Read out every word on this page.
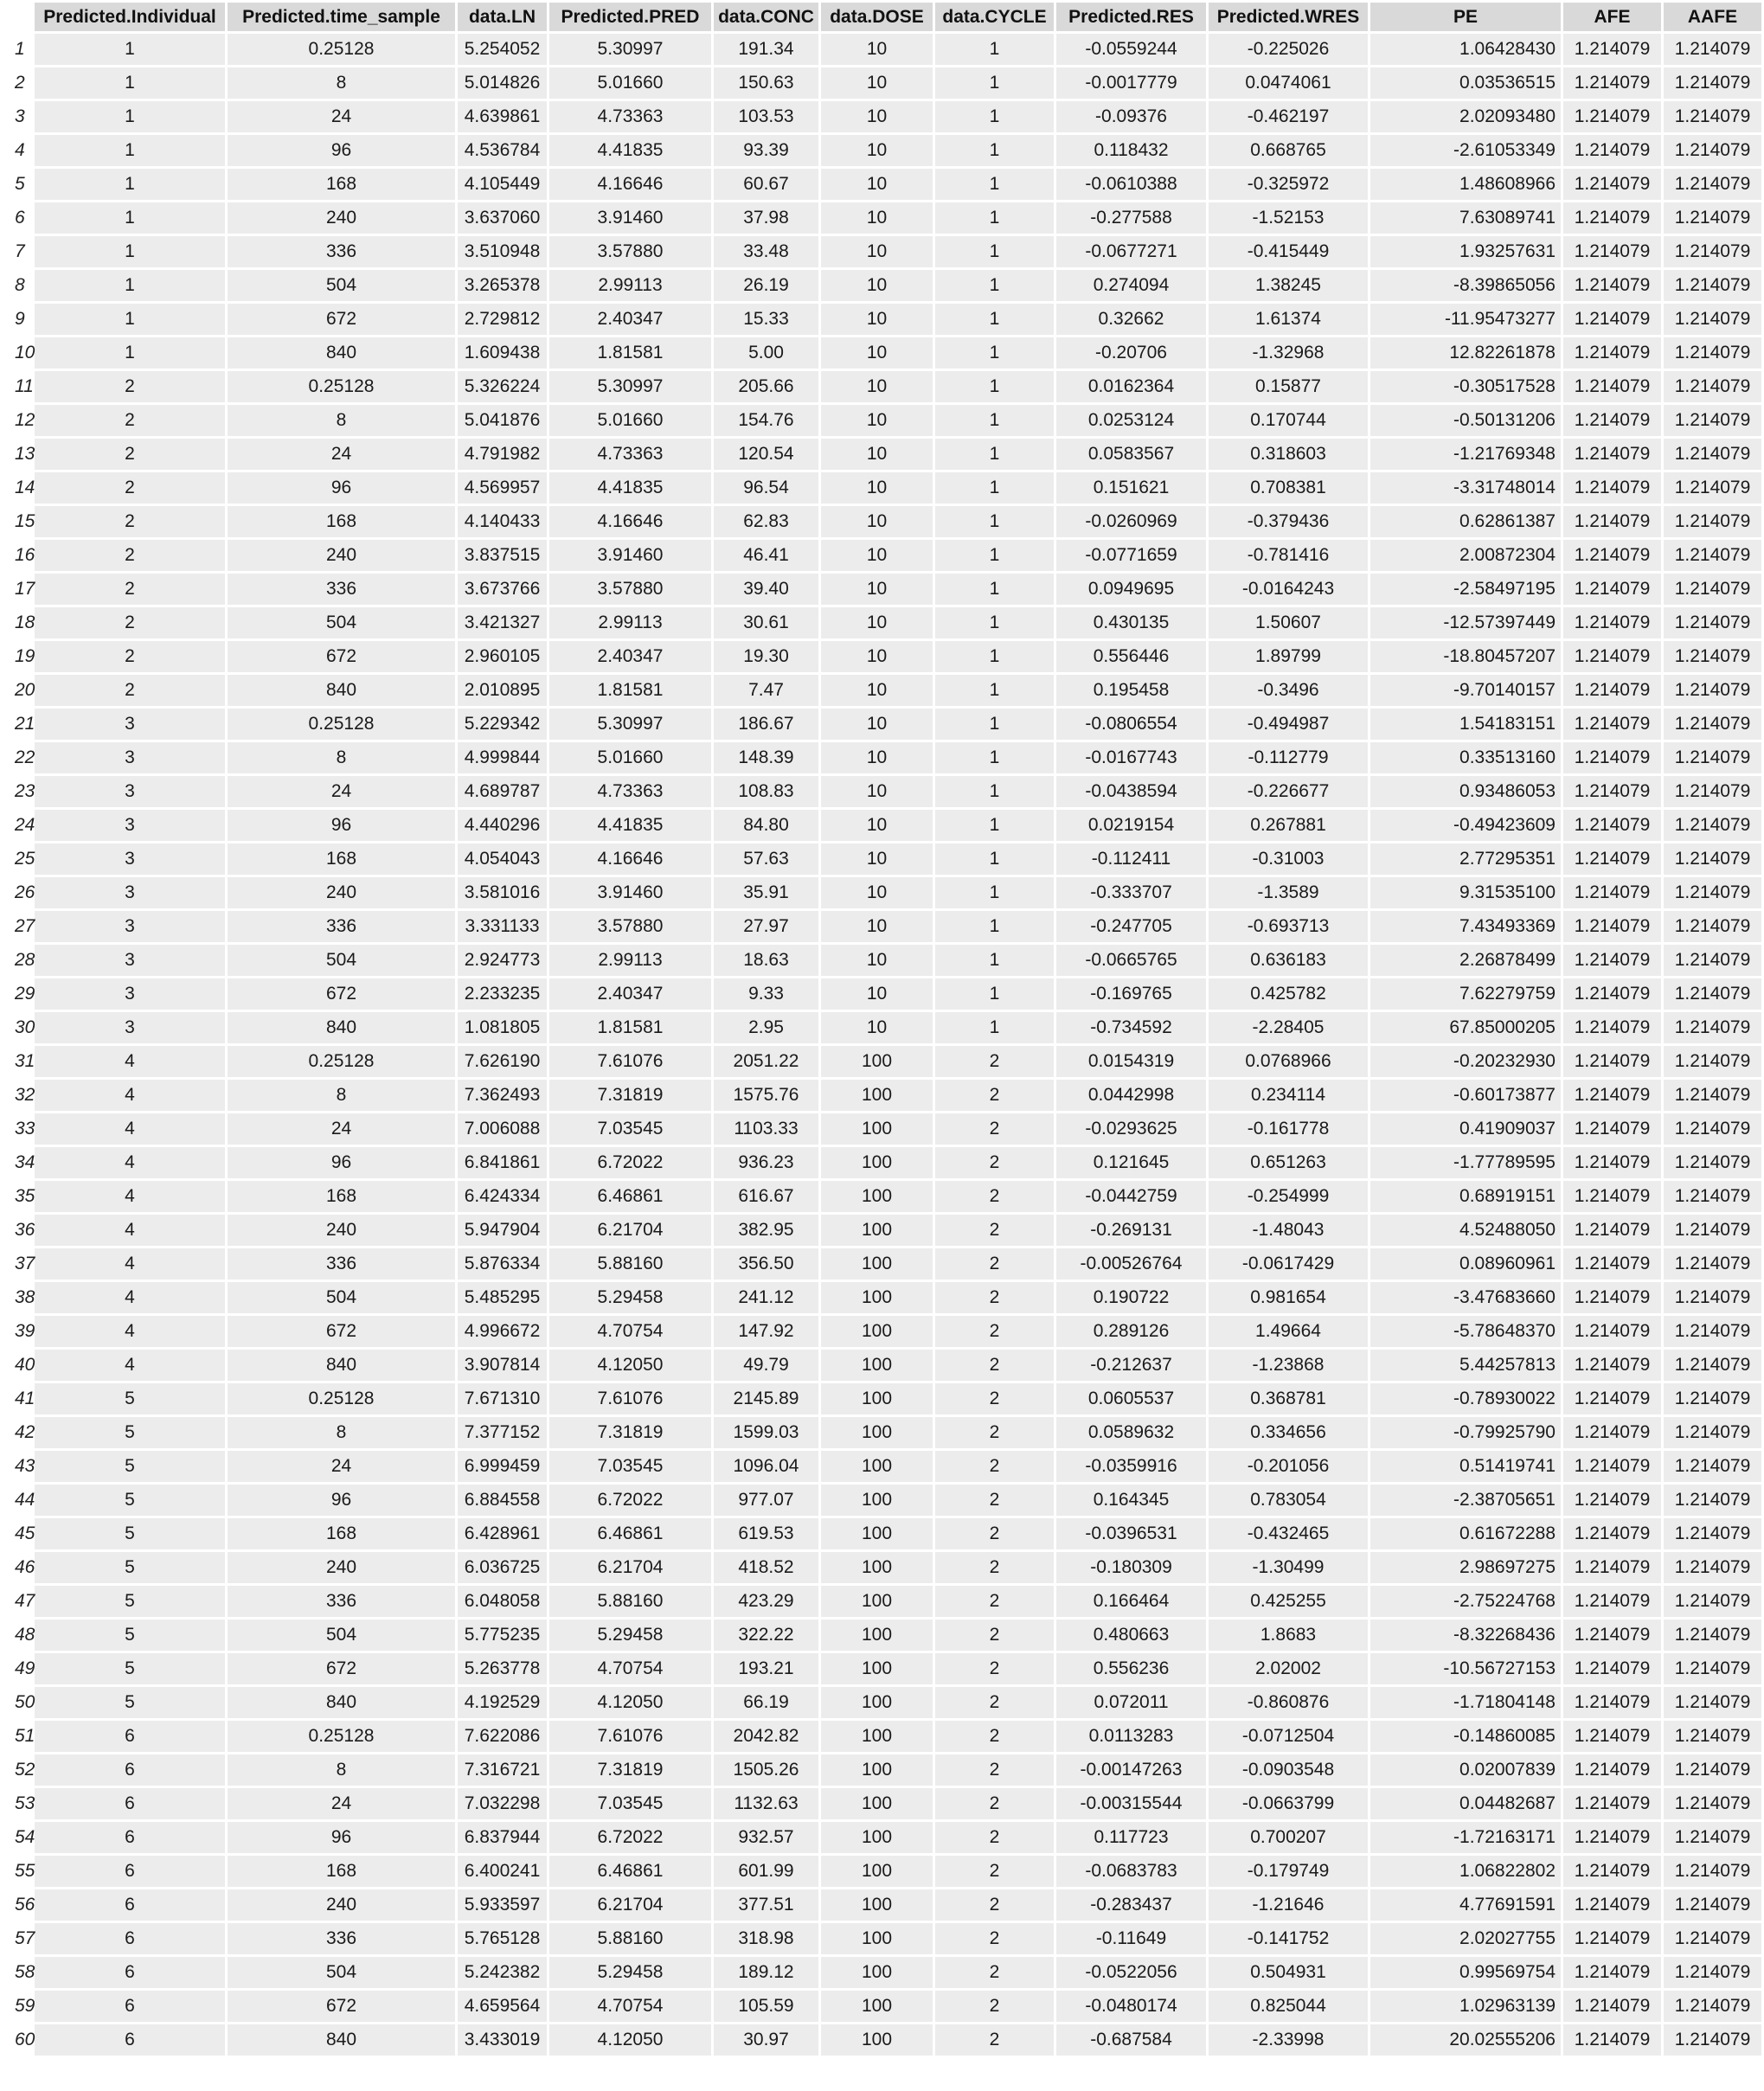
	Predicted.Individual	Predicted.time_sample	data.LN	Predicted.PRED	data.CONC	data.DOSE	data.CYCLE	Predicted.RES	Predicted.WRES	PE	AFE	AAFE
1	1	0.25128	5.254052	5.30997	191.34	10	1	-0.0559244	-0.225026	1.06428430	1.214079	1.214079
2	1	8	5.014826	5.01660	150.63	10	1	-0.0017779	0.0474061	0.03536515	1.214079	1.214079
3	1	24	4.639861	4.73363	103.53	10	1	-0.09376	-0.462197	2.02093480	1.214079	1.214079
4	1	96	4.536784	4.41835	93.39	10	1	0.118432	0.668765	-2.61053349	1.214079	1.214079
5	1	168	4.105449	4.16646	60.67	10	1	-0.0610388	-0.325972	1.48608966	1.214079	1.214079
6	1	240	3.637060	3.91460	37.98	10	1	-0.277588	-1.52153	7.63089741	1.214079	1.214079
7	1	336	3.510948	3.57880	33.48	10	1	-0.0677271	-0.415449	1.93257631	1.214079	1.214079
8	1	504	3.265378	2.99113	26.19	10	1	0.274094	1.38245	-8.39865056	1.214079	1.214079
9	1	672	2.729812	2.40347	15.33	10	1	0.32662	1.61374	-11.95473277	1.214079	1.214079
10	1	840	1.609438	1.81581	5.00	10	1	-0.20706	-1.32968	12.82261878	1.214079	1.214079
11	2	0.25128	5.326224	5.30997	205.66	10	1	0.0162364	0.15877	-0.30517528	1.214079	1.214079
12	2	8	5.041876	5.01660	154.76	10	1	0.0253124	0.170744	-0.50131206	1.214079	1.214079
13	2	24	4.791982	4.73363	120.54	10	1	0.0583567	0.318603	-1.21769348	1.214079	1.214079
14	2	96	4.569957	4.41835	96.54	10	1	0.151621	0.708381	-3.31748014	1.214079	1.214079
15	2	168	4.140433	4.16646	62.83	10	1	-0.0260969	-0.379436	0.62861387	1.214079	1.214079
16	2	240	3.837515	3.91460	46.41	10	1	-0.0771659	-0.781416	2.00872304	1.214079	1.214079
17	2	336	3.673766	3.57880	39.40	10	1	0.0949695	-0.0164243	-2.58497195	1.214079	1.214079
18	2	504	3.421327	2.99113	30.61	10	1	0.430135	1.50607	-12.57397449	1.214079	1.214079
19	2	672	2.960105	2.40347	19.30	10	1	0.556446	1.89799	-18.80457207	1.214079	1.214079
20	2	840	2.010895	1.81581	7.47	10	1	0.195458	-0.3496	-9.70140157	1.214079	1.214079
21	3	0.25128	5.229342	5.30997	186.67	10	1	-0.0806554	-0.494987	1.54183151	1.214079	1.214079
22	3	8	4.999844	5.01660	148.39	10	1	-0.0167743	-0.112779	0.33513160	1.214079	1.214079
23	3	24	4.689787	4.73363	108.83	10	1	-0.0438594	-0.226677	0.93486053	1.214079	1.214079
24	3	96	4.440296	4.41835	84.80	10	1	0.0219154	0.267881	-0.49423609	1.214079	1.214079
25	3	168	4.054043	4.16646	57.63	10	1	-0.112411	-0.31003	2.77295351	1.214079	1.214079
26	3	240	3.581016	3.91460	35.91	10	1	-0.333707	-1.3589	9.31535100	1.214079	1.214079
27	3	336	3.331133	3.57880	27.97	10	1	-0.247705	-0.693713	7.43493369	1.214079	1.214079
28	3	504	2.924773	2.99113	18.63	10	1	-0.0665765	0.636183	2.26878499	1.214079	1.214079
29	3	672	2.233235	2.40347	9.33	10	1	-0.169765	0.425782	7.62279759	1.214079	1.214079
30	3	840	1.081805	1.81581	2.95	10	1	-0.734592	-2.28405	67.85000205	1.214079	1.214079
31	4	0.25128	7.626190	7.61076	2051.22	100	2	0.0154319	0.0768966	-0.20232930	1.214079	1.214079
32	4	8	7.362493	7.31819	1575.76	100	2	0.0442998	0.234114	-0.60173877	1.214079	1.214079
33	4	24	7.006088	7.03545	1103.33	100	2	-0.0293625	-0.161778	0.41909037	1.214079	1.214079
34	4	96	6.841861	6.72022	936.23	100	2	0.121645	0.651263	-1.77789595	1.214079	1.214079
35	4	168	6.424334	6.46861	616.67	100	2	-0.0442759	-0.254999	0.68919151	1.214079	1.214079
36	4	240	5.947904	6.21704	382.95	100	2	-0.269131	-1.48043	4.52488050	1.214079	1.214079
37	4	336	5.876334	5.88160	356.50	100	2	-0.00526764	-0.0617429	0.08960961	1.214079	1.214079
38	4	504	5.485295	5.29458	241.12	100	2	0.190722	0.981654	-3.47683660	1.214079	1.214079
39	4	672	4.996672	4.70754	147.92	100	2	0.289126	1.49664	-5.78648370	1.214079	1.214079
40	4	840	3.907814	4.12050	49.79	100	2	-0.212637	-1.23868	5.44257813	1.214079	1.214079
41	5	0.25128	7.671310	7.61076	2145.89	100	2	0.0605537	0.368781	-0.78930022	1.214079	1.214079
42	5	8	7.377152	7.31819	1599.03	100	2	0.0589632	0.334656	-0.79925790	1.214079	1.214079
43	5	24	6.999459	7.03545	1096.04	100	2	-0.0359916	-0.201056	0.51419741	1.214079	1.214079
44	5	96	6.884558	6.72022	977.07	100	2	0.164345	0.783054	-2.38705651	1.214079	1.214079
45	5	168	6.428961	6.46861	619.53	100	2	-0.0396531	-0.432465	0.61672288	1.214079	1.214079
46	5	240	6.036725	6.21704	418.52	100	2	-0.180309	-1.30499	2.98697275	1.214079	1.214079
47	5	336	6.048058	5.88160	423.29	100	2	0.166464	0.425255	-2.75224768	1.214079	1.214079
48	5	504	5.775235	5.29458	322.22	100	2	0.480663	1.8683	-8.32268436	1.214079	1.214079
49	5	672	5.263778	4.70754	193.21	100	2	0.556236	2.02002	-10.56727153	1.214079	1.214079
50	5	840	4.192529	4.12050	66.19	100	2	0.072011	-0.860876	-1.71804148	1.214079	1.214079
51	6	0.25128	7.622086	7.61076	2042.82	100	2	0.0113283	-0.0712504	-0.14860085	1.214079	1.214079
52	6	8	7.316721	7.31819	1505.26	100	2	-0.00147263	-0.0903548	0.02007839	1.214079	1.214079
53	6	24	7.032298	7.03545	1132.63	100	2	-0.00315544	-0.0663799	0.04482687	1.214079	1.214079
54	6	96	6.837944	6.72022	932.57	100	2	0.117723	0.700207	-1.72163171	1.214079	1.214079
55	6	168	6.400241	6.46861	601.99	100	2	-0.0683783	-0.179749	1.06822802	1.214079	1.214079
56	6	240	5.933597	6.21704	377.51	100	2	-0.283437	-1.21646	4.77691591	1.214079	1.214079
57	6	336	5.765128	5.88160	318.98	100	2	-0.11649	-0.141752	2.02027755	1.214079	1.214079
58	6	504	5.242382	5.29458	189.12	100	2	-0.0522056	0.504931	0.99569754	1.214079	1.214079
59	6	672	4.659564	4.70754	105.59	100	2	-0.0480174	0.825044	1.02963139	1.214079	1.214079
60	6	840	3.433019	4.12050	30.97	100	2	-0.687584	-2.33998	20.02555206	1.214079	1.214079
